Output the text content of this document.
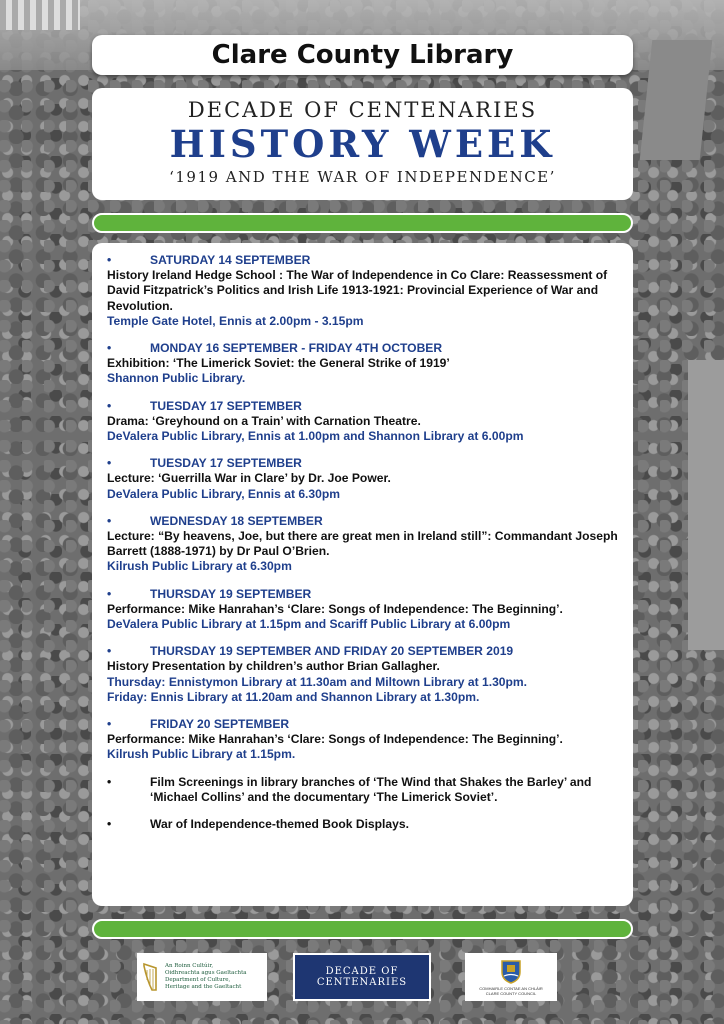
Clare County Library
DECADE OF CENTENARIES
HISTORY WEEK
‘1919 AND THE WAR OF INDEPENDENCE’
•	SATURDAY 14 SEPTEMBER
History Ireland Hedge School : The War of Independence in Co Clare: Reassessment of David Fitzpatrick’s Politics and Irish Life 1913-1921: Provincial Experience of War and Revolution.
Temple Gate Hotel, Ennis at 2.00pm - 3.15pm
•	MONDAY 16 SEPTEMBER - FRIDAY 4TH OCTOBER
Exhibition: ‘The Limerick Soviet: the General Strike of 1919’
Shannon Public Library.
•	TUESDAY 17 SEPTEMBER
Drama: ‘Greyhound on a Train’ with Carnation Theatre.
DeValera Public Library, Ennis at 1.00pm and Shannon Library at 6.00pm
•	TUESDAY 17 SEPTEMBER
Lecture: ‘Guerrilla War in Clare’ by Dr. Joe Power.
DeValera Public Library, Ennis at 6.30pm
•	WEDNESDAY 18 SEPTEMBER
Lecture: “By heavens, Joe, but there are great men in Ireland still”: Commandant Joseph Barrett (1888-1971) by Dr Paul O’Brien.
Kilrush Public Library at 6.30pm
•	THURSDAY 19 SEPTEMBER
Performance: Mike Hanrahan’s ‘Clare: Songs of Independence: The Beginning’.
DeValera Public Library at 1.15pm and Scariff Public Library at 6.00pm
•	THURSDAY 19 SEPTEMBER AND FRIDAY 20 SEPTEMBER 2019
History Presentation by children’s author Brian Gallagher.
Thursday: Ennistymon Library at 11.30am and Miltown Library at 1.30pm.
Friday: Ennis Library at 11.20am and Shannon Library at 1.30pm.
•	FRIDAY 20 SEPTEMBER
Performance: Mike Hanrahan’s ‘Clare: Songs of Independence: The Beginning’.
Kilrush Public Library at 1.15pm.
•	Film Screenings in library branches of ‘The Wind that Shakes the Barley’ and ‘Michael Collins’ and the documentary ‘The Limerick Soviet’.
•	War of Independence-themed Book Displays.
An Roinn Cultúir,
Oidhreachta agus Gaeltachta
Department of Culture,
Heritage and the Gaeltacht
DECADE OF
CENTENARIES
COMHAIRLE CONTAE AN CHLÁIR
CLARE COUNTY COUNCIL
